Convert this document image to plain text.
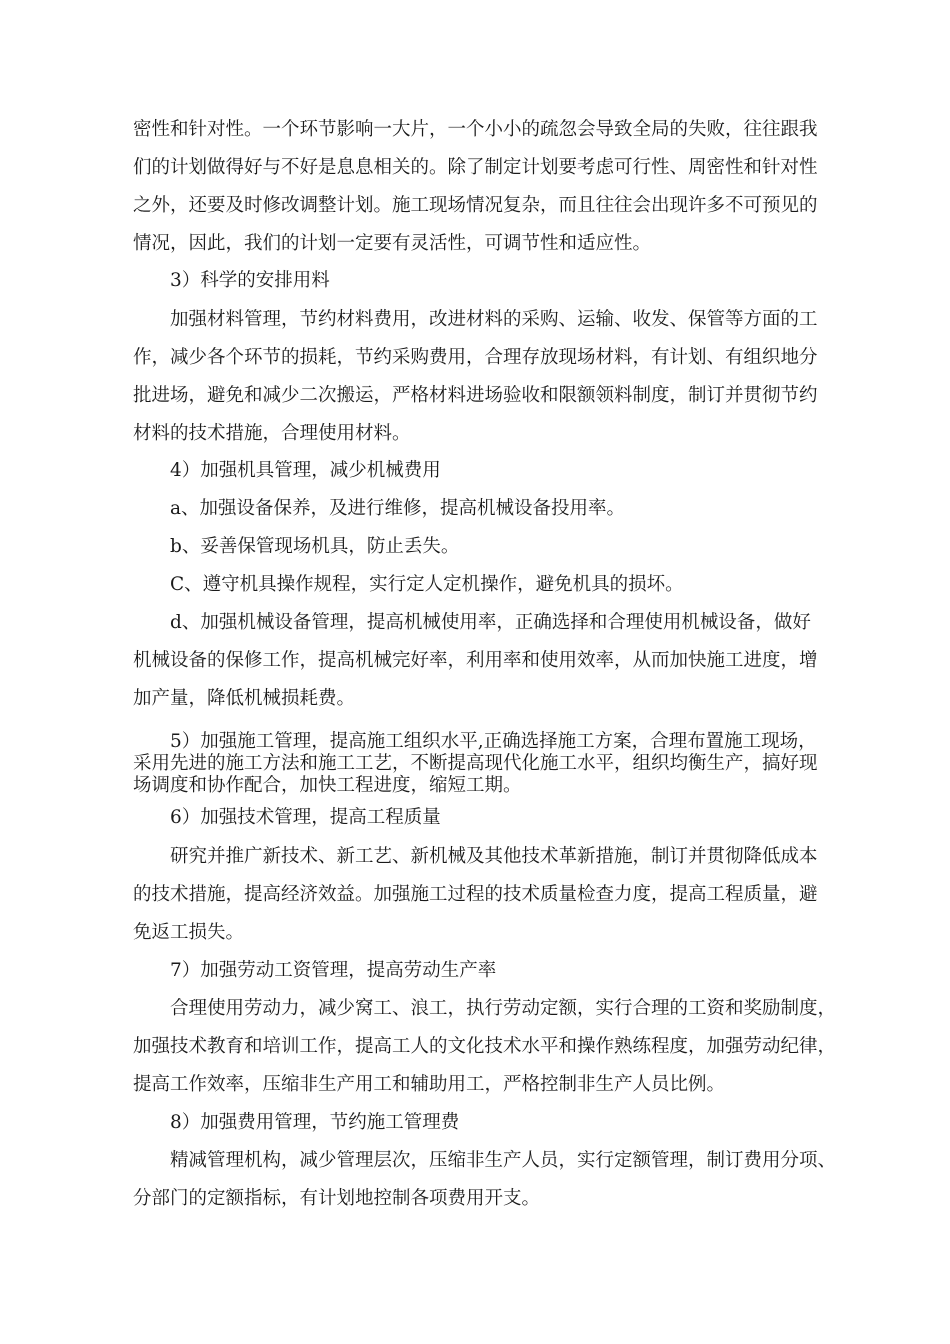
密性和针对性。一个环节影响一大片，一个小小的疏忽会导致全局的失败，往往跟我
们的计划做得好与不好是息息相关的。除了制定计划要考虑可行性、周密性和针对性
之外，还要及时修改调整计划。施工现场情况复杂，而且往往会出现许多不可预见的
情况，因此，我们的计划一定要有灵活性，可调节性和适应性。
3）科学的安排用料
加强材料管理，节约材料费用，改进材料的采购、运输、收发、保管等方面的工
作，减少各个环节的损耗，节约采购费用，合理存放现场材料，有计划、有组织地分
批进场，避免和减少二次搬运，严格材料进场验收和限额领料制度，制订并贯彻节约
材料的技术措施，合理使用材料。
4）加强机具管理，减少机械费用
a、加强设备保养，及进行维修，提高机械设备投用率。
b、妥善保管现场机具，防止丢失。
C、遵守机具操作规程，实行定人定机操作，避免机具的损坏。
d、加强机械设备管理，提高机械使用率，正确选择和合理使用机械设备，做好
机械设备的保修工作，提高机械完好率，利用率和使用效率，从而加快施工进度，增
加产量，降低机械损耗费。
5）加强施工管理，提高施工组织水平,正确选择施工方案，合理布置施工现场，
采用先进的施工方法和施工工艺，不断提高现代化施工水平，组织均衡生产，搞好现
场调度和协作配合，加快工程进度，缩短工期。
6）加强技术管理，提高工程质量
研究并推广新技术、新工艺、新机械及其他技术革新措施，制订并贯彻降低成本
的技术措施，提高经济效益。加强施工过程的技术质量检查力度，提高工程质量，避
免返工损失。
7）加强劳动工资管理，提高劳动生产率
合理使用劳动力，减少窝工、浪工，执行劳动定额，实行合理的工资和奖励制度，
加强技术教育和培训工作，提高工人的文化技术水平和操作熟练程度，加强劳动纪律，
提高工作效率，压缩非生产用工和辅助用工，严格控制非生产人员比例。
8）加强费用管理，节约施工管理费
精减管理机构，减少管理层次，压缩非生产人员，实行定额管理，制订费用分项、
分部门的定额指标，有计划地控制各项费用开支。
